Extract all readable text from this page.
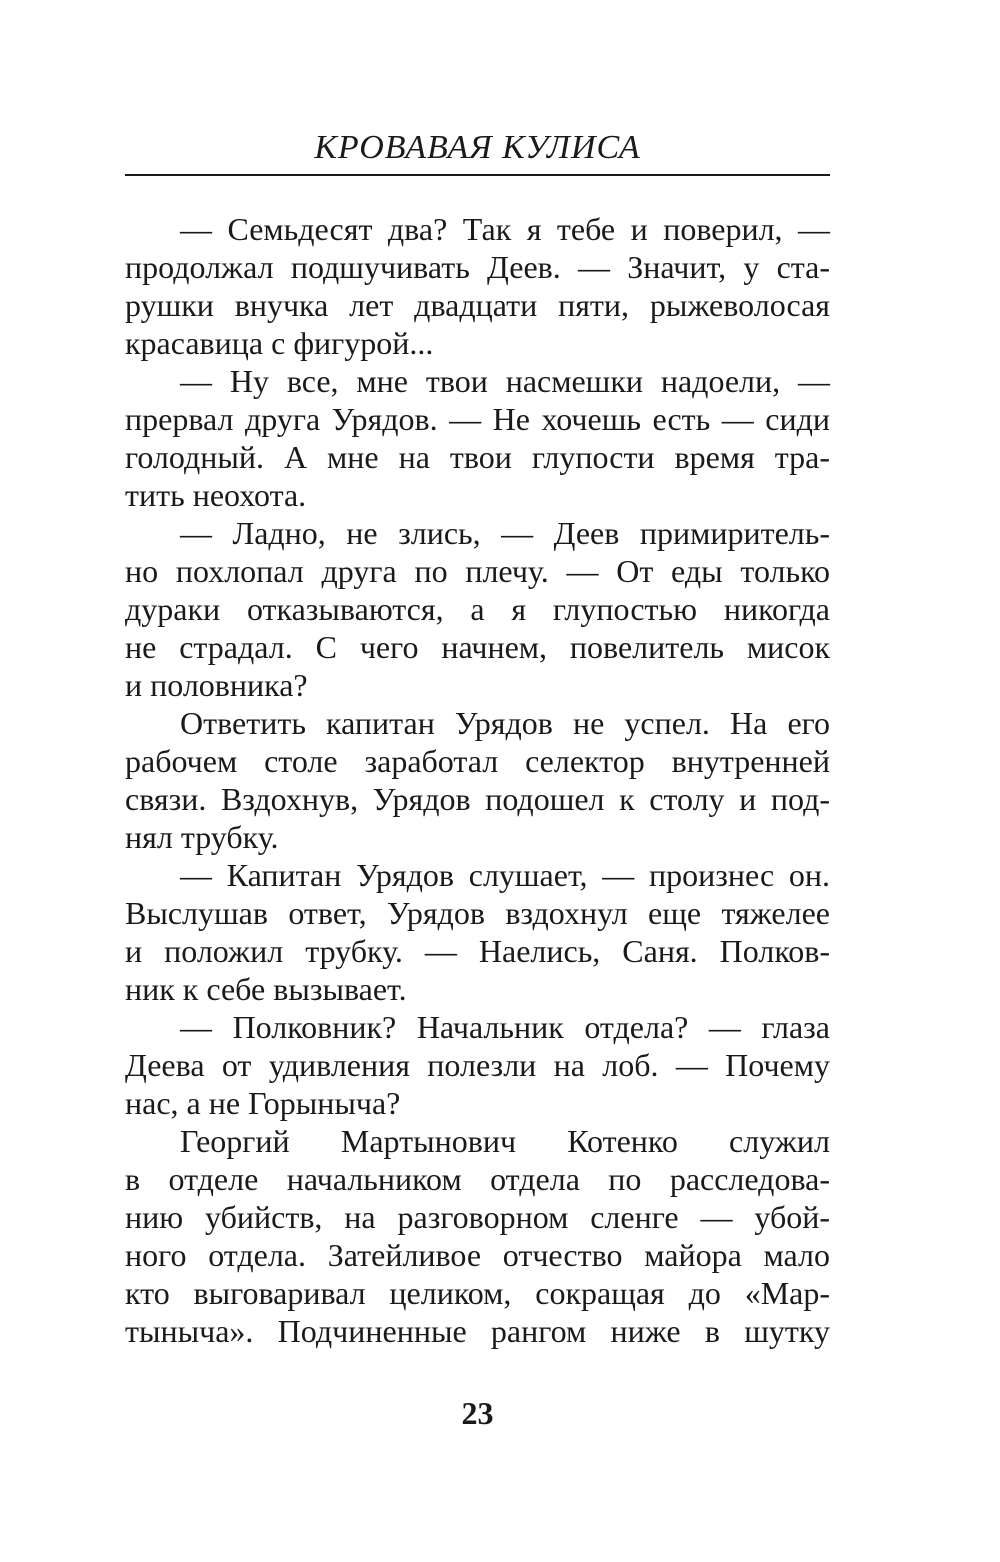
КРОВАВАЯ КУЛИСА
— Семьдесят два? Так я тебе и поверил, —
продолжал подшучивать Деев. — Значит, у ста-
рушки внучка лет двадцати пяти, рыжеволосая
красавица с фигурой...
— Ну все, мне твои насмешки надоели, —
прервал друга Урядов. — Не хочешь есть — сиди
голодный. А мне на твои глупости время тра-
тить неохота.
— Ладно, не злись, — Деев примиритель-
но похлопал друга по плечу. — От еды только
дураки отказываются, а я глупостью никогда
не страдал. С чего начнем, повелитель мисок
и половника?
Ответить капитан Урядов не успел. На его
рабочем столе заработал селектор внутренней
связи. Вздохнув, Урядов подошел к столу и под-
нял трубку.
— Капитан Урядов слушает, — произнес он.
Выслушав ответ, Урядов вздохнул еще тяжелее
и положил трубку. — Наелись, Саня. Полков-
ник к себе вызывает.
— Полковник? Начальник отдела? — глаза
Деева от удивления полезли на лоб. — Почему
нас, а не Горыныча?
Георгий Мартынович Котенко служил
в отделе начальником отдела по расследова-
нию убийств, на разговорном сленге — убой-
ного отдела. Затейливое отчество майора мало
кто выговаривал целиком, сокращая до «Мар-
тыныча». Подчиненные рангом ниже в шутку
23
